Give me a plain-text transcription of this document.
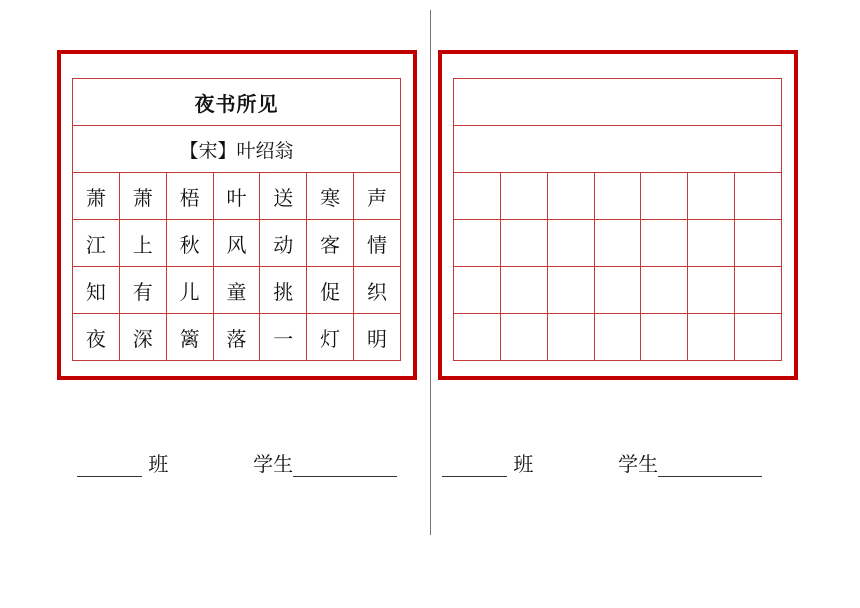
夜书所见						
【宋】叶绍翁						
萧	萧	梧	叶	送	寒	声
江	上	秋	风	动	客	情
知	有	儿	童	挑	促	织
夜	深	篱	落	一	灯	明

班	学生	班	学生
